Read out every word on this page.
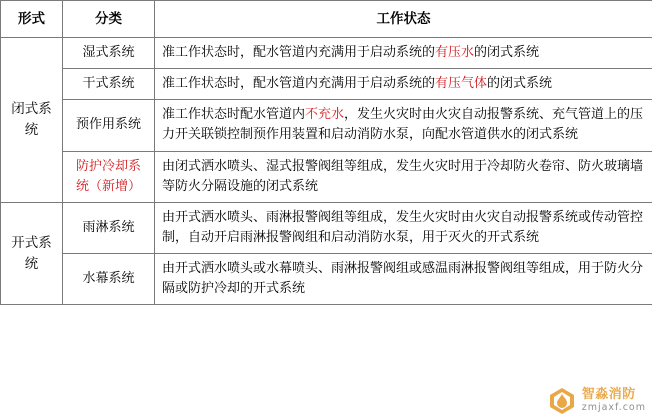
形式	分类	工作状态
闭式系统	湿式系统	准工作状态时，配水管道内充满用于启动系统的有压水的闭式系统
	干式系统	准工作状态时，配水管道内充满用于启动系统的有压气体的闭式系统
	预作用系统	准工作状态时配水管道内不充水，发生火灾时由火灾自动报警系统、充气管道上的压力开关联锁控制预作用装置和启动消防水泵，向配水管道供水的闭式系统
	防护冷却系统（新增）	由闭式洒水喷头、湿式报警阀组等组成，发生火灾时用于冷却防火卷帘、防火玻璃墙等防火分隔设施的闭式系统
开式系统	雨淋系统	由开式洒水喷头、雨淋报警阀组等组成，发生火灾时由火灾自动报警系统或传动管控制，自动开启雨淋报警阀组和启动消防水泵，用于灭火的开式系统
	水幕系统	由开式洒水喷头或水幕喷头、雨淋报警阀组或感温雨淋报警阀组等组成，用于防火分隔或防护冷却的开式系统
智淼消防
zmjaxf.com
